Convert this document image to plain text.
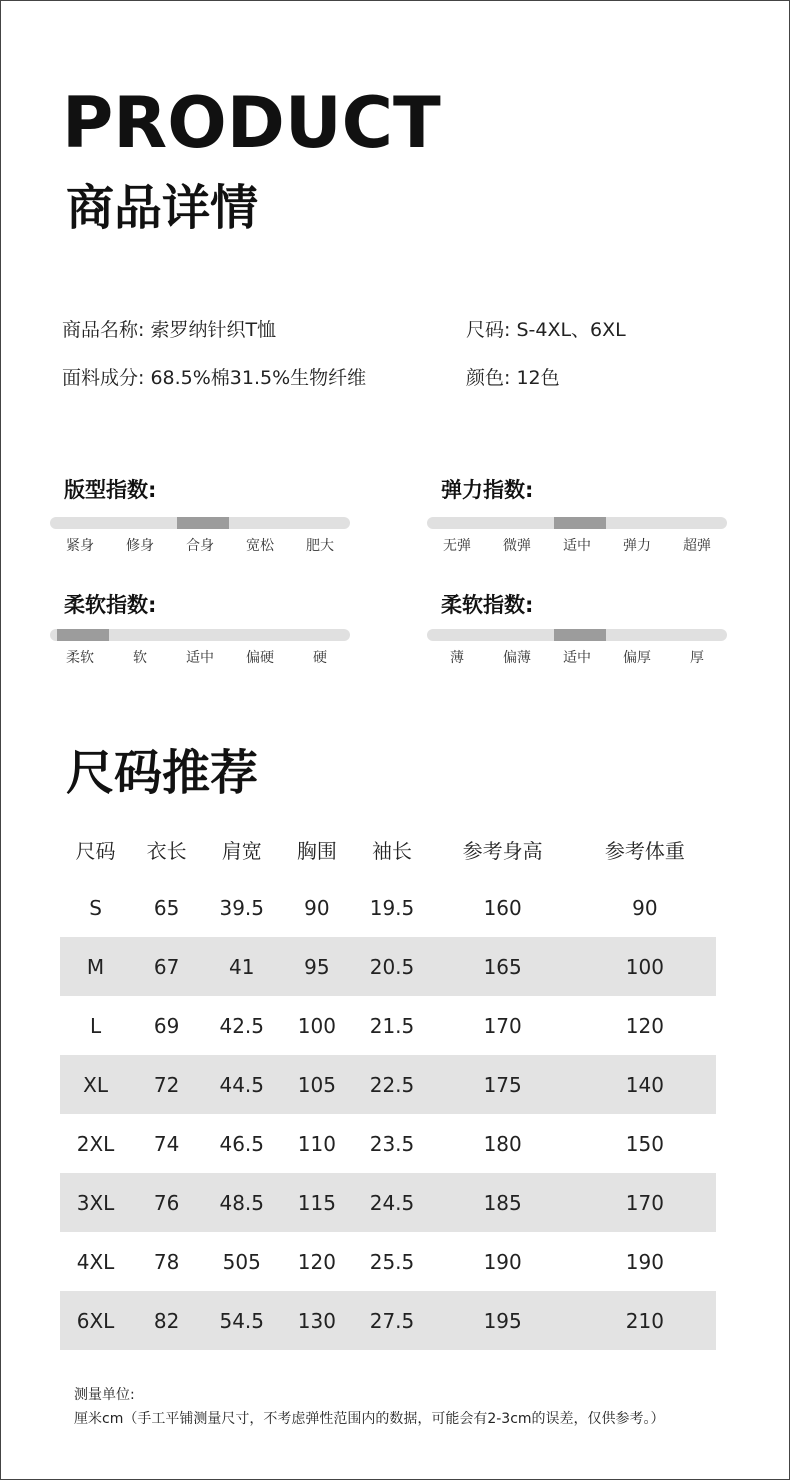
PRODUCT
商品详情
商品名称: 索罗纳针织T恤	尺码: S-4XL、6XL
面料成分: 68.5%棉31.5%生物纤维	颜色: 12色
版型指数:
紧身	修身	合身	宽松	肥大
弹力指数:
无弹	微弹	适中	弹力	超弹
柔软指数:
柔软	软	适中	偏硬	硬
柔软指数:
薄	偏薄	适中	偏厚	厚
尺码推荐
尺码	衣长	肩宽	胸围	袖长	参考身高	参考体重
S	65	39.5	90	19.5	160	90
M	67	41	95	20.5	165	100
L	69	42.5	100	21.5	170	120
XL	72	44.5	105	22.5	175	140
2XL	74	46.5	110	23.5	180	150
3XL	76	48.5	115	24.5	185	170
4XL	78	505	120	25.5	190	190
6XL	82	54.5	130	27.5	195	210
测量单位:
厘米cm（手工平铺测量尺寸，不考虑弹性范围内的数据，可能会有2-3cm的误差，仅供参考。）
